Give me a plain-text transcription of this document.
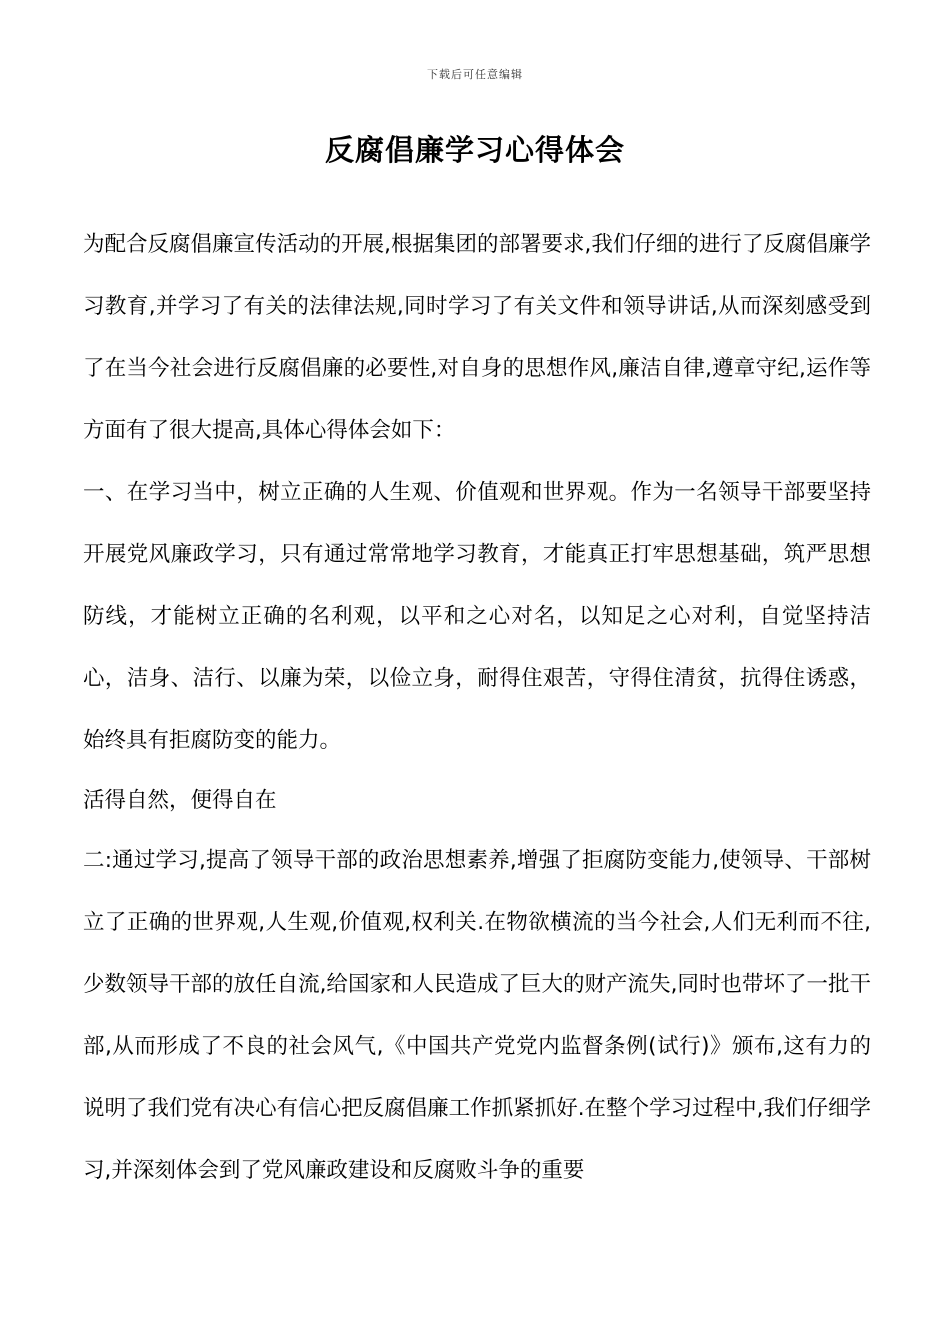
下载后可任意编辑
反腐倡廉学习心得体会

为配合反腐倡廉宣传活动的开展,根据集团的部署要求,我们仔细的进行了反腐倡廉学习教育,并学习了有关的法律法规,同时学习了有关文件和领导讲话,从而深刻感受到了在当今社会进行反腐倡廉的必要性,对自身的思想作风,廉洁自律,遵章守纪,运作等方面有了很大提高,具体心得体会如下：

一、在学习当中，树立正确的人生观、价值观和世界观。作为一名领导干部要坚持开展党风廉政学习，只有通过常常地学习教育，才能真正打牢思想基础，筑严思想防线，才能树立正确的名利观，以平和之心对名，以知足之心对利，自觉坚持洁心，洁身、洁行、以廉为荣，以俭立身，耐得住艰苦，守得住清贫，抗得住诱惑，始终具有拒腐防变的能力。

活得自然，便得自在

二:通过学习,提高了领导干部的政治思想素养,增强了拒腐防变能力,使领导、干部树立了正确的世界观,人生观,价值观,权利关.在物欲横流的当今社会,人们无利而不往,少数领导干部的放任自流,给国家和人民造成了巨大的财产流失,同时也带坏了一批干部,从而形成了不良的社会风气,《中国共产党党内监督条例(试行)》颁布,这有力的说明了我们党有决心有信心把反腐倡廉工作抓紧抓好.在整个学习过程中,我们仔细学习,并深刻体会到了党风廉政建设和反腐败斗争的重要
